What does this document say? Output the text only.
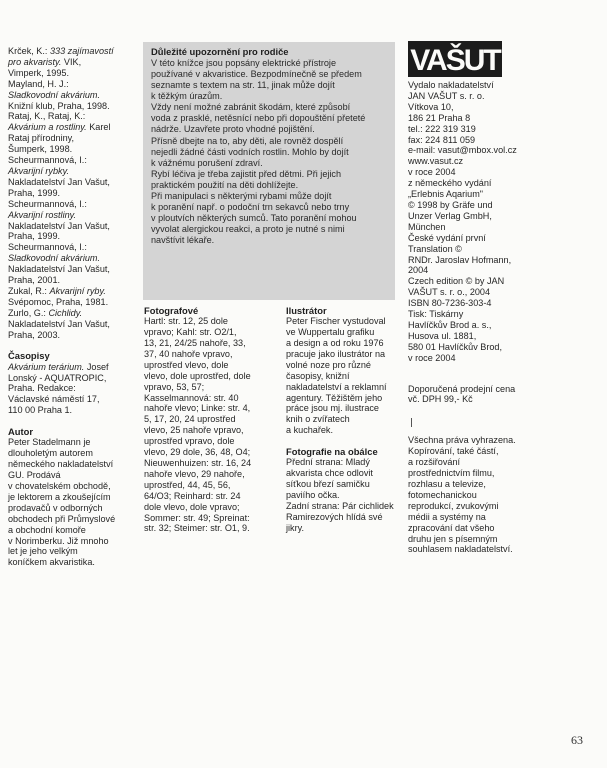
Krček, K.: 333 zajímavostí
pro akvaristy. VIK,
Vimperk, 1995.
Mayland, H. J.:
Sladkovodní akvárium.
Knižní klub, Praha, 1998.
Rataj, K., Rataj, K.:
Akvárium a rostliny. Karel
Rataj přírodniny,
Šumperk, 1998.
Scheurmannová, I.:
Akvarijní rybky.
Nakladatelství Jan Vašut,
Praha, 1999.
Scheurmannová, I.:
Akvarijní rostliny.
Nakladatelství Jan Vašut,
Praha, 1999.
Scheurmannová, I.:
Sladkovodní akvárium.
Nakladatelství Jan Vašut,
Praha, 2001.
Zukal, R.: Akvarijní ryby.
Svépomoc, Praha, 1981.
Zurlo, G.: Cichlidy.
Nakladatelství Jan Vašut,
Praha, 2003.
Časopisy
Akvárium terárium. Josef
Lonský - AQUATROPIC,
Praha. Redakce:
Václavské náměstí 17,
110 00 Praha 1.
Autor
Peter Stadelmann je
dlouholetým autorem
německého nakladatelství
GU. Prodává
v chovatelském obchodě,
je lektorem a zkoušejícím
prodavačů v odborných
obchodech při Průmyslové
a obchodní komoře
v Norimberku. Již mnoho
let je jeho velkým
koníčkem akvaristika.
Důležité upozornění pro rodiče
V této knížce jsou popsány elektrické přístroje
používané v akvaristice. Bezpodmínečně se předem
seznamte s textem na str. 11, jinak může dojít
k těžkým úrazům.
Vždy není možné zabránit škodám, které způsobí
voda z prasklé, netěsnící nebo při dopouštění přeteté
nádrže. Uzavřete proto vhodné pojištění.
Přísně dbejte na to, aby děti, ale rovněž dospělí
nejedli žádné části vodních rostlin. Mohlo by dojít
k vážnému porušení zdraví.
Rybí léčiva je třeba zajistit před dětmi. Při jejich
praktickém použití na děti dohlížejte.
Při manipulaci s některými rybami může dojít
k poranění např. o podoční trn sekavců nebo trny
v ploutvích některých sumců. Tato poranění mohou
vyvolat alergickou reakci, a proto je nutné s nimi
navštívit lékaře.
Fotografové
Hartl: str. 12, 25 dole
vpravo; Kahl: str. O2/1,
13, 21, 24/25 nahoře, 33,
37, 40 nahoře vpravo,
uprostřed vlevo, dole
vlevo, dole uprostřed, dole
vpravo, 53, 57;
Kasselmannová: str. 40
nahoře vlevo; Linke: str. 4,
5, 17, 20, 24 uprostřed
vlevo, 25 nahoře vpravo,
uprostřed vpravo, dole
vlevo, 29 dole, 36, 48, O4;
Nieuwenhuizen: str. 16, 24
nahoře vlevo, 29 nahoře,
uprostřed, 44, 45, 56,
64/O3; Reinhard: str. 24
dole vlevo, dole vpravo;
Sommer: str. 49; Spreinat:
str. 32; Steimer: str. O1, 9.
Ilustrátor
Peter Fischer vystudoval
ve Wuppertalu grafiku
a design a od roku 1976
pracuje jako ilustrátor na
volné noze pro různé
časopisy, knižní
nakladatelství a reklamní
agentury. Těžištěm jeho
práce jsou mj. ilustrace
knih o zvířatech
a kuchařek.
Fotografie na obálce
Přední strana: Mladý
akvarista chce odlovit
síťkou březí samičku
paviího očka.
Zadní strana: Pár cichlidek
Ramirezových hlídá své
jikry.
VAŠUT
Vydalo nakladatelství
JAN VAŠUT s. r. o.
Vítkova 10,
186 21 Praha 8
tel.: 222 319 319
fax: 224 811 059
e-mail: vasut@mbox.vol.cz
www.vasut.cz
v roce 2004
z německého vydání
„Erlebnis Aqarium"
© 1998 by Gräfe und
Unzer Verlag GmbH,
München
České vydání první
Translation ©
RNDr. Jaroslav Hofmann,
2004
Czech edition © by JAN
VAŠUT s. r. o., 2004
ISBN 80-7236-303-4
Tisk: Tiskárny
Havlíčkův Brod a. s.,
Husova ul. 1881,
580 01 Havlíčkův Brod,
v roce 2004
Doporučená prodejní cena
vč. DPH 99,- Kč
Všechna práva vyhrazena.
Kopírování, také částí,
a rozšiřování
prostřednictvím filmu,
rozhlasu a televize,
fotomechanickou
reprodukcí, zvukovými
médii a systémy na
zpracování dat všeho
druhu jen s písemným
souhlasem nakladatelství.
63
